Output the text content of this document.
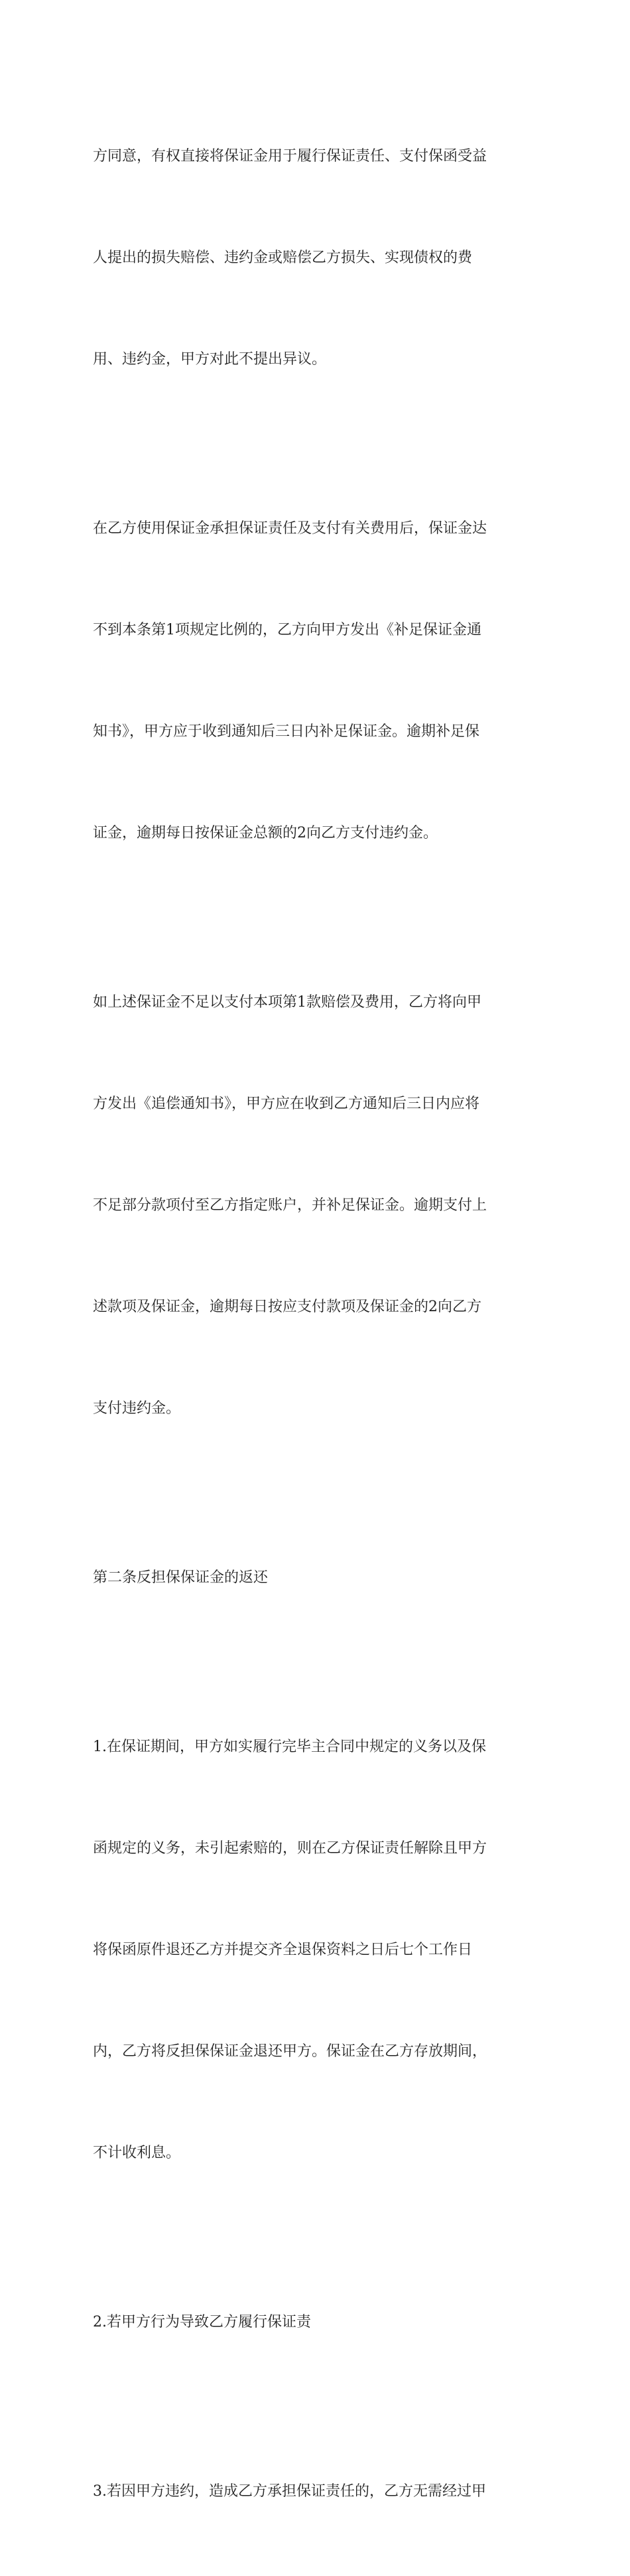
方同意，有权直接将保证金用于履行保证责任、支付保函受益

人提出的损失赔偿、违约金或赔偿乙方损失、实现债权的费

用、违约金，甲方对此不提出异议。

在乙方使用保证金承担保证责任及支付有关费用后，保证金达

不到本条第1项规定比例的，乙方向甲方发出《补足保证金通

知书》，甲方应于收到通知后三日内补足保证金。逾期补足保

证金，逾期每日按保证金总额的2向乙方支付违约金。

如上述保证金不足以支付本项第1款赔偿及费用，乙方将向甲

方发出《追偿通知书》，甲方应在收到乙方通知后三日内应将

不足部分款项付至乙方指定账户，并补足保证金。逾期支付上

述款项及保证金，逾期每日按应支付款项及保证金的2向乙方

支付违约金。

第二条反担保保证金的返还

1.在保证期间，甲方如实履行完毕主合同中规定的义务以及保

函规定的义务，未引起索赔的，则在乙方保证责任解除且甲方

将保函原件退还乙方并提交齐全退保资料之日后七个工作日

内，乙方将反担保保证金退还甲方。保证金在乙方存放期间，

不计收利息。

2.若甲方行为导致乙方履行保证责

3.若因甲方违约，造成乙方承担保证责任的，乙方无需经过甲
